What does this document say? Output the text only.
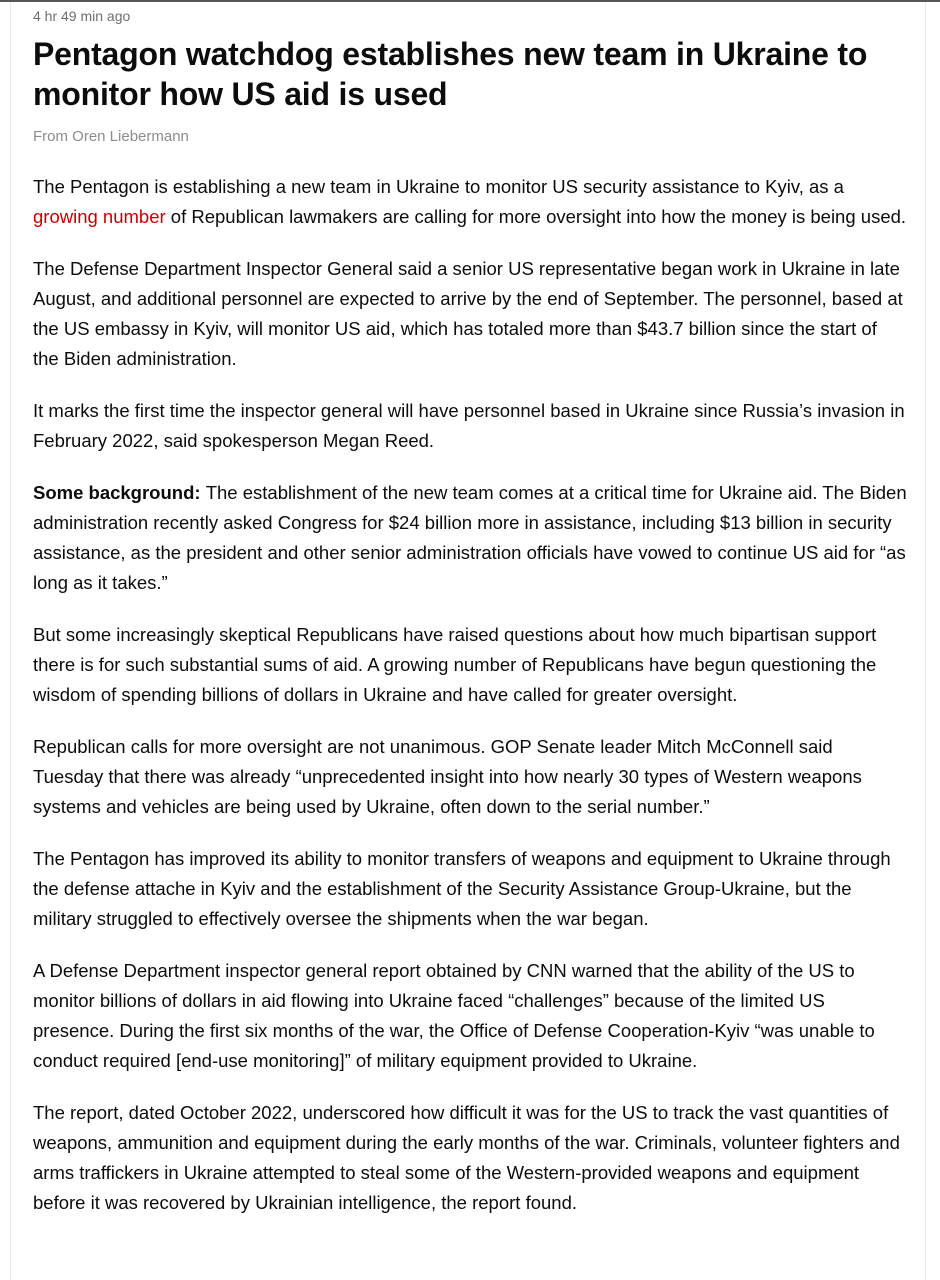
4 hr 49 min ago

Pentagon watchdog establishes new team in Ukraine to monitor how US aid is used

From Oren Liebermann

The Pentagon is establishing a new team in Ukraine to monitor US security assistance to Kyiv, as a growing number of Republican lawmakers are calling for more oversight into how the money is being used.

The Defense Department Inspector General said a senior US representative began work in Ukraine in late August, and additional personnel are expected to arrive by the end of September. The personnel, based at the US embassy in Kyiv, will monitor US aid, which has totaled more than $43.7 billion since the start of the Biden administration.

It marks the first time the inspector general will have personnel based in Ukraine since Russia’s invasion in February 2022, said spokesperson Megan Reed.

Some background: The establishment of the new team comes at a critical time for Ukraine aid. The Biden administration recently asked Congress for $24 billion more in assistance, including $13 billion in security assistance, as the president and other senior administration officials have vowed to continue US aid for “as long as it takes.”

But some increasingly skeptical Republicans have raised questions about how much bipartisan support there is for such substantial sums of aid. A growing number of Republicans have begun questioning the wisdom of spending billions of dollars in Ukraine and have called for greater oversight.

Republican calls for more oversight are not unanimous. GOP Senate leader Mitch McConnell said Tuesday that there was already “unprecedented insight into how nearly 30 types of Western weapons systems and vehicles are being used by Ukraine, often down to the serial number.”

The Pentagon has improved its ability to monitor transfers of weapons and equipment to Ukraine through the defense attache in Kyiv and the establishment of the Security Assistance Group-Ukraine, but the military struggled to effectively oversee the shipments when the war began.

A Defense Department inspector general report obtained by CNN warned that the ability of the US to monitor billions of dollars in aid flowing into Ukraine faced “challenges” because of the limited US presence. During the first six months of the war, the Office of Defense Cooperation-Kyiv “was unable to conduct required [end-use monitoring]” of military equipment provided to Ukraine.

The report, dated October 2022, underscored how difficult it was for the US to track the vast quantities of weapons, ammunition and equipment during the early months of the war. Criminals, volunteer fighters and arms traffickers in Ukraine attempted to steal some of the Western-provided weapons and equipment before it was recovered by Ukrainian intelligence, the report found.
